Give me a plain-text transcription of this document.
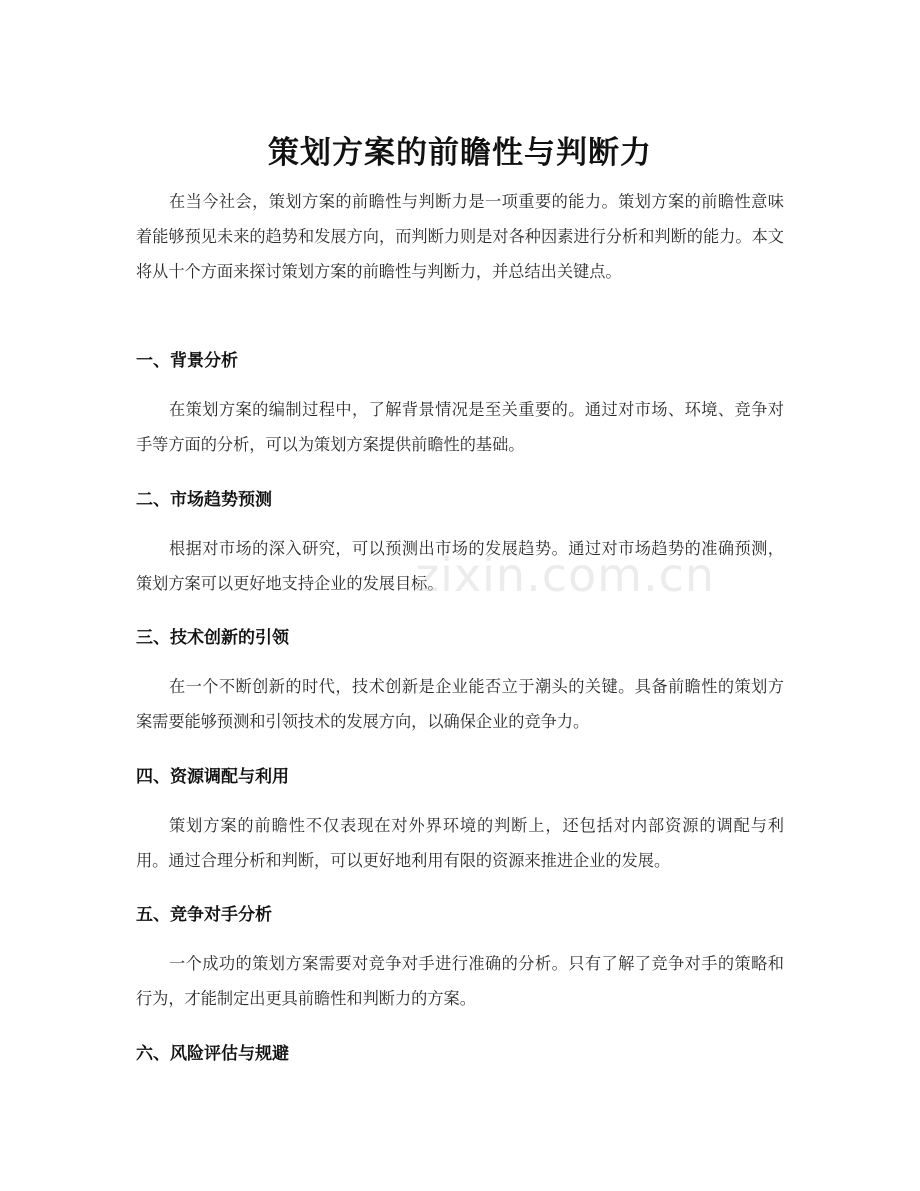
策划方案的前瞻性与判断力

在当今社会，策划方案的前瞻性与判断力是一项重要的能力。策划方案的前瞻性意味着能够预见未来的趋势和发展方向，而判断力则是对各种因素进行分析和判断的能力。本文将从十个方面来探讨策划方案的前瞻性与判断力，并总结出关键点。

一、背景分析

在策划方案的编制过程中，了解背景情况是至关重要的。通过对市场、环境、竞争对手等方面的分析，可以为策划方案提供前瞻性的基础。

二、市场趋势预测

根据对市场的深入研究，可以预测出市场的发展趋势。通过对市场趋势的准确预测，策划方案可以更好地支持企业的发展目标。

三、技术创新的引领

在一个不断创新的时代，技术创新是企业能否立于潮头的关键。具备前瞻性的策划方案需要能够预测和引领技术的发展方向，以确保企业的竞争力。

四、资源调配与利用

策划方案的前瞻性不仅表现在对外界环境的判断上，还包括对内部资源的调配与利用。通过合理分析和判断，可以更好地利用有限的资源来推进企业的发展。

五、竞争对手分析

一个成功的策划方案需要对竞争对手进行准确的分析。只有了解了竞争对手的策略和行为，才能制定出更具前瞻性和判断力的方案。

六、风险评估与规避
zixin.com.cn
